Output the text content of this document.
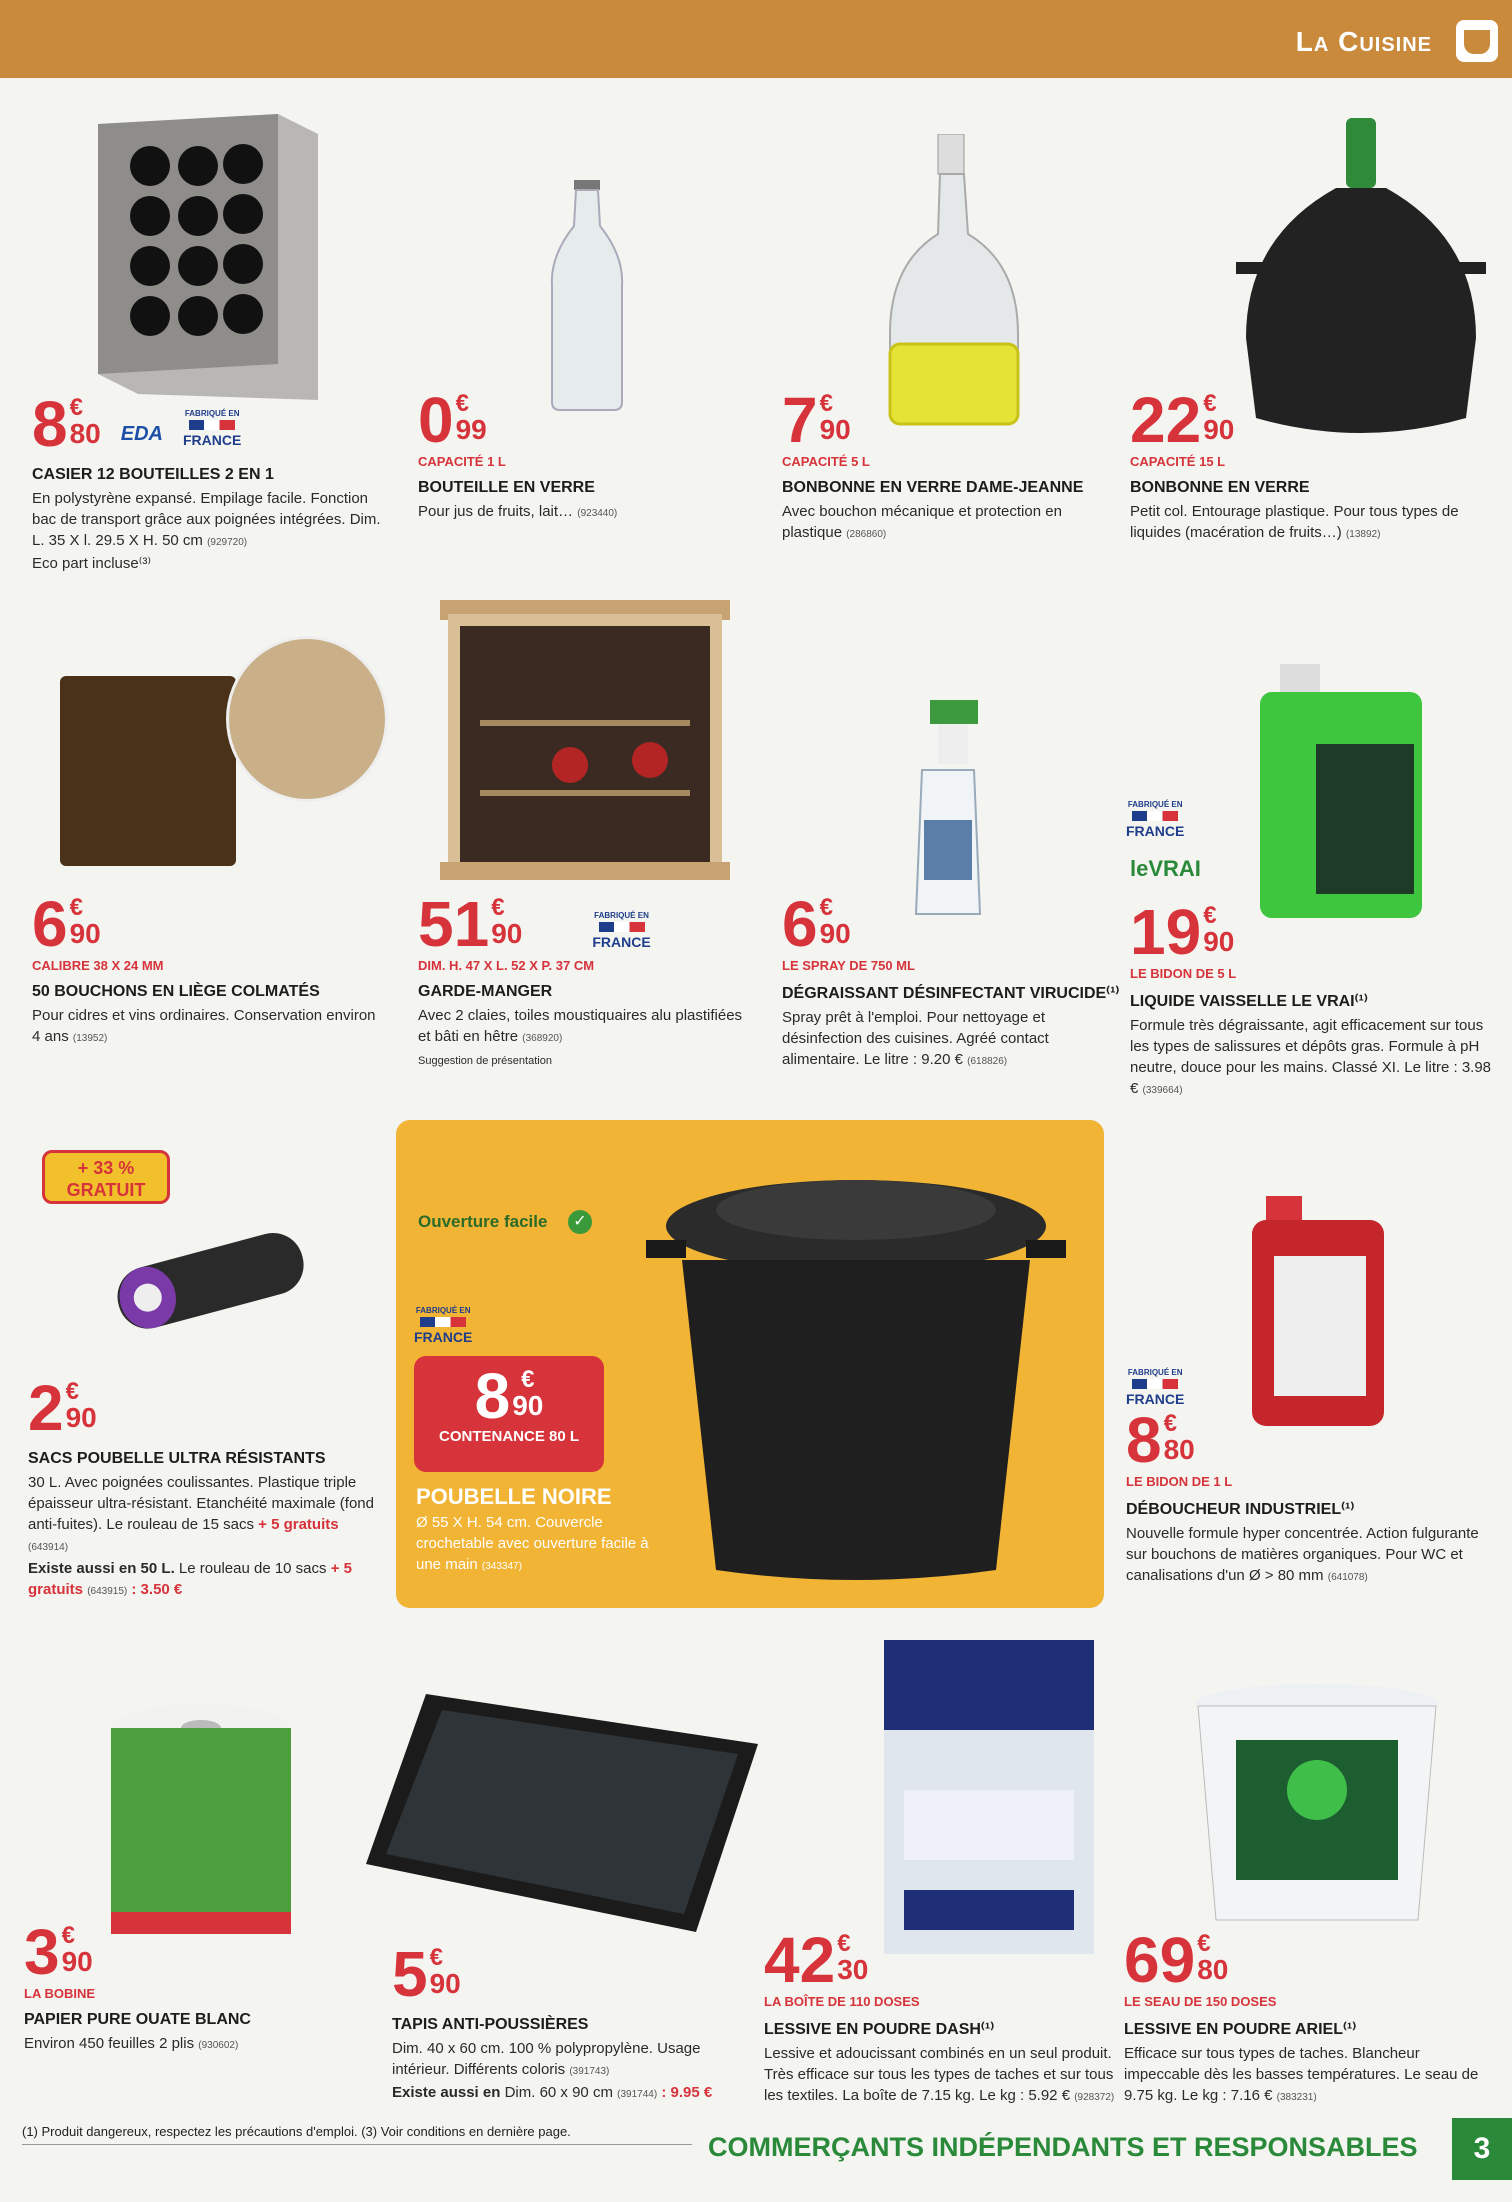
La Cuisine
8 €
80 EDA
FABRIQUÉ EN
FRANCE
CASIER 12 BOUTEILLES 2 EN 1
En polystyrène expansé. Empilage facile. Fonction bac de transport grâce aux poignées intégrées. Dim. L. 35 X l. 29.5 X H. 50 cm (929720)
Eco part incluse⁽³⁾
0 €
99
CAPACITÉ 1 L
BOUTEILLE EN VERRE
Pour jus de fruits, lait… (923440)
7 €
90
CAPACITÉ 5 L
BONBONNE EN VERRE DAME-JEANNE
Avec bouchon mécanique et protection en plastique (286860)
22 €
90
CAPACITÉ 15 L
BONBONNE EN VERRE
Petit col. Entourage plastique. Pour tous types de liquides (macération de fruits…) (13892)
6 €
90
CALIBRE 38 X 24 MM
50 BOUCHONS EN LIÈGE COLMATÉS
Pour cidres et vins ordinaires. Conservation environ 4 ans (13952)
51 €
90
FABRIQUÉ EN
FRANCE
DIM. H. 47 X L. 52 X P. 37 CM
GARDE-MANGER
Avec 2 claies, toiles moustiquaires alu plastifiées et bâti en hêtre (368920)
Suggestion de présentation
6 €
90
LE SPRAY DE 750 ML
DÉGRAISSANT DÉSINFECTANT VIRUCIDE⁽¹⁾
Spray prêt à l'emploi. Pour nettoyage et désinfection des cuisines. Agréé contact alimentaire. Le litre : 9.20 € (618826)
FABRIQUÉ EN
FRANCE
leVRAI
19 €
90
LE BIDON DE 5 L
LIQUIDE VAISSELLE LE VRAI⁽¹⁾
Formule très dégraissante, agit efficacement sur tous les types de salissures et dépôts gras. Formule à pH neutre, douce pour les mains. Classé XI. Le litre : 3.98 € (339664)
+ 33 %
GRATUIT
2 €
90
SACS POUBELLE ULTRA RÉSISTANTS
30 L. Avec poignées coulissantes. Plastique triple épaisseur ultra-résistant. Etanchéité maximale (fond anti-fuites). Le rouleau de 15 sacs + 5 gratuits (643914)
Existe aussi en 50 L. Le rouleau de 10 sacs + 5 gratuits (643915) : 3.50 €
Ouverture facile	✓
FABRIQUÉ EN
FRANCE
8 €
90
CONTENANCE 80 L
POUBELLE NOIRE
Ø 55 X H. 54 cm. Couvercle crochetable avec ouverture facile à une main (343347)
FABRIQUÉ EN
FRANCE
8 €
80
LE BIDON DE 1 L
DÉBOUCHEUR INDUSTRIEL⁽¹⁾
Nouvelle formule hyper concentrée. Action fulgurante sur bouchons de matières organiques. Pour WC et canalisations d'un Ø > 80 mm (641078)
3 €
90
LA BOBINE
PAPIER PURE OUATE BLANC
Environ 450 feuilles 2 plis (930602)
5 €
90
TAPIS ANTI-POUSSIÈRES
Dim. 40 x 60 cm. 100 % polypropylène. Usage intérieur. Différents coloris (391743)
Existe aussi en Dim. 60 x 90 cm (391744) : 9.95 €
42 €
30
LA BOÎTE DE 110 DOSES
LESSIVE EN POUDRE DASH⁽¹⁾
Lessive et adoucissant combinés en un seul produit. Très efficace sur tous les types de taches et sur tous les textiles. La boîte de 7.15 kg. Le kg : 5.92 € (928372)
69 €
80
LE SEAU DE 150 DOSES
LESSIVE EN POUDRE ARIEL⁽¹⁾
Efficace sur tous types de taches. Blancheur impeccable dès les basses températures. Le seau de 9.75 kg. Le kg : 7.16 € (383231)
(1) Produit dangereux, respectez les précautions d'emploi. (3) Voir conditions en dernière page.
COMMERÇANTS INDÉPENDANTS ET RESPONSABLES	3
